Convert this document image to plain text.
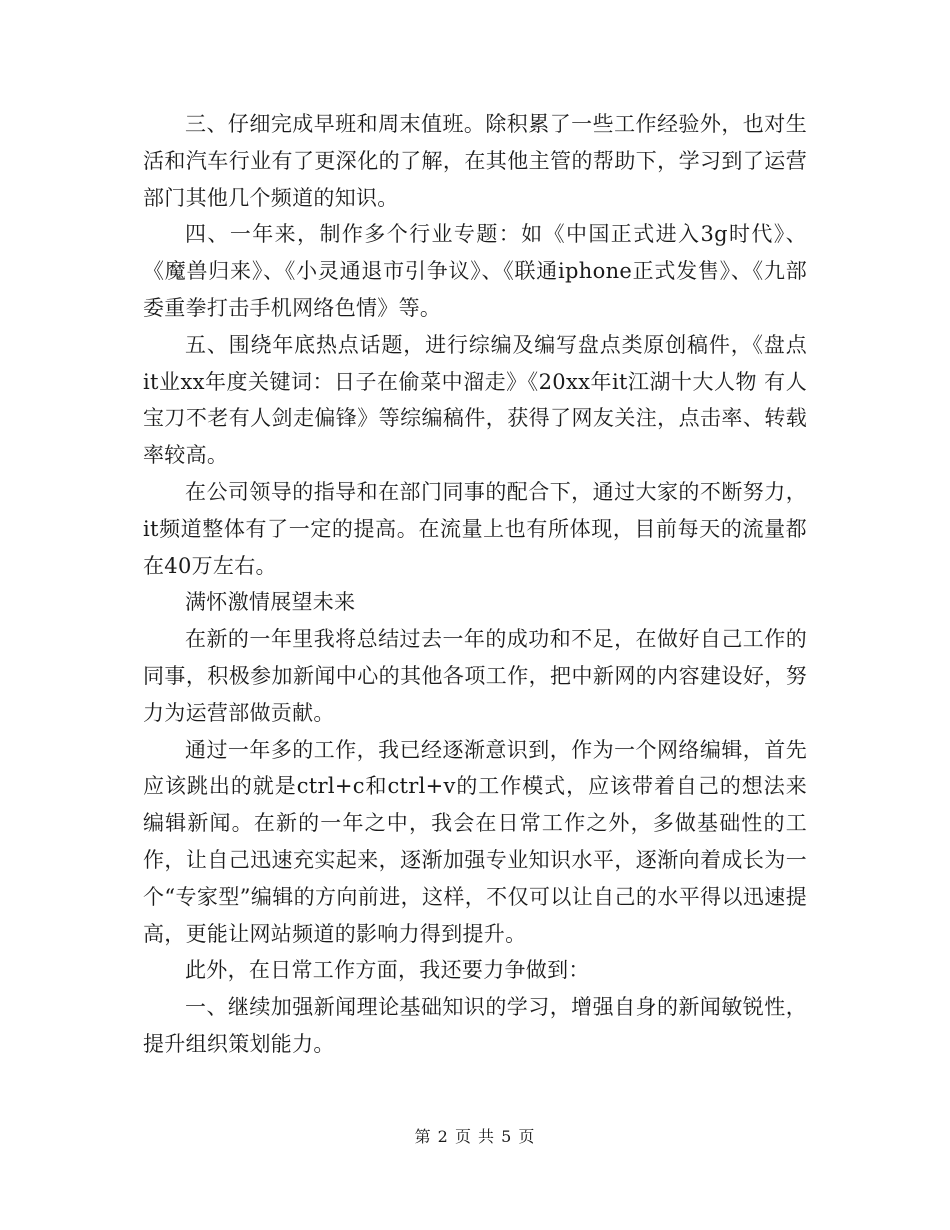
三、仔细完成早班和周末值班。除积累了一些工作经验外，也对生活和汽车行业有了更深化的了解，在其他主管的帮助下，学习到了运营部门其他几个频道的知识。

四、一年来，制作多个行业专题：如《中国正式进入3g时代》、《魔兽归来》、《小灵通退市引争议》、《联通iphone正式发售》、《九部委重拳打击手机网络色情》等。

五、围绕年底热点话题，进行综编及编写盘点类原创稿件，《盘点it业xx年度关键词：日子在偷菜中溜走》《20xx年it江湖十大人物 有人宝刀不老有人剑走偏锋》等综编稿件，获得了网友关注，点击率、转载率较高。

在公司领导的指导和在部门同事的配合下，通过大家的不断努力，it频道整体有了一定的提高。在流量上也有所体现，目前每天的流量都在40万左右。

满怀激情展望未来

在新的一年里我将总结过去一年的成功和不足，在做好自己工作的同事，积极参加新闻中心的其他各项工作，把中新网的内容建设好，努力为运营部做贡献。

通过一年多的工作，我已经逐渐意识到，作为一个网络编辑，首先应该跳出的就是ctrl+c和ctrl+v的工作模式，应该带着自己的想法来编辑新闻。在新的一年之中，我会在日常工作之外，多做基础性的工作，让自己迅速充实起来，逐渐加强专业知识水平，逐渐向着成长为一个“专家型”编辑的方向前进，这样，不仅可以让自己的水平得以迅速提高，更能让网站频道的影响力得到提升。

此外，在日常工作方面，我还要力争做到：

一、继续加强新闻理论基础知识的学习，增强自身的新闻敏锐性，提升组织策划能力。

第 2 页 共 5 页
